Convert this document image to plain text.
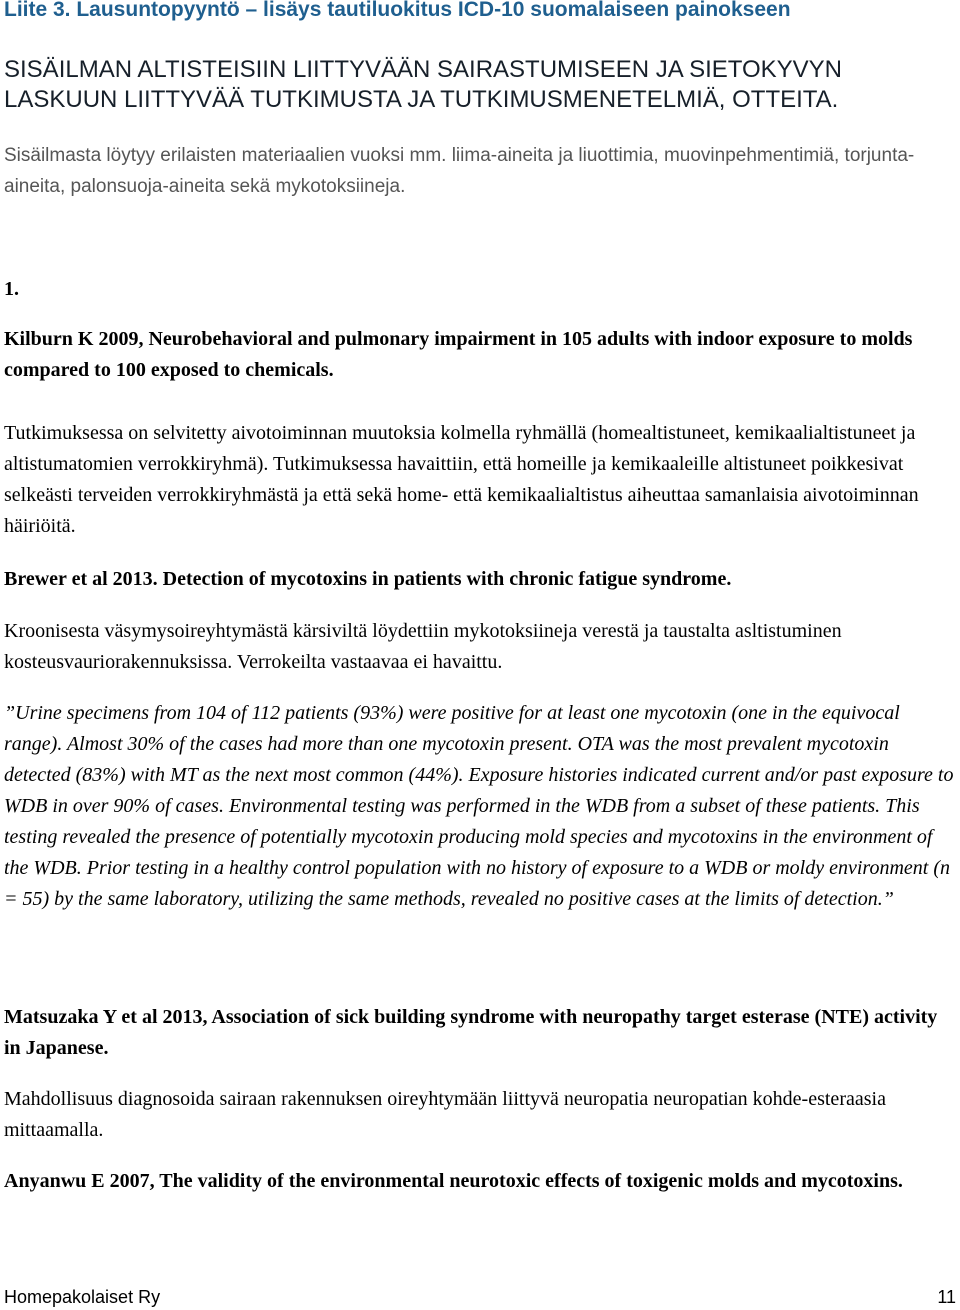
Liite 3. Lausuntopyyntö – lisäys tautiluokitus ICD-10 suomalaiseen painokseen
SISÄILMAN ALTISTEISIIN LIITTYVÄÄN SAIRASTUMISEEN JA SIETOKYVYN LASKUUN LIITTYVÄÄ TUTKIMUSTA JA TUTKIMUSMENETELMIÄ, OTTEITA.
Sisäilmasta löytyy erilaisten materiaalien vuoksi mm. liima-aineita ja liuottimia, muovinpehmentimiä, torjunta-aineita, palonsuoja-aineita sekä mykotoksiineja.
1.
Kilburn K 2009, Neurobehavioral and pulmonary impairment in 105 adults with indoor exposure to molds compared to 100 exposed to chemicals.
Tutkimuksessa on selvitetty aivotoiminnan muutoksia kolmella ryhmällä (homealtistuneet, kemikaalialtistuneet ja altistumatomien verrokkiryhmä). Tutkimuksessa havaittiin, että homeille ja kemikaaleille altistuneet poikkesivat selkeästi terveiden verrokkiryhmästä ja että sekä home- että kemikaalialtistus aiheuttaa samanlaisia aivotoiminnan häiriöitä.
Brewer et al 2013. Detection of mycotoxins in patients with chronic fatigue syndrome.
Kroonisesta väsymysoireyhtymästä kärsiviltä löydettiin mykotoksiineja verestä ja taustalta asltistuminen kosteusvauriorakennuksissa. Verrokeilta vastaavaa ei havaittu.
”Urine specimens from 104 of 112 patients (93%) were positive for at least one mycotoxin (one in the equivocal range). Almost 30% of the cases had more than one mycotoxin present. OTA was the most prevalent mycotoxin detected (83%) with MT as the next most common (44%). Exposure histories indicated current and/or past exposure to WDB in over 90% of cases. Environmental testing was performed in the WDB from a subset of these patients. This testing revealed the presence of potentially mycotoxin producing mold species and mycotoxins in the environment of the WDB. Prior testing in a healthy control population with no history of exposure to a WDB or moldy environment (n = 55) by the same laboratory, utilizing the same methods, revealed no positive cases at the limits of detection.”
Matsuzaka Y et al 2013, Association of sick building syndrome with neuropathy target esterase (NTE) activity in Japanese.
Mahdollisuus diagnosoida sairaan rakennuksen oireyhtymään liittyvä neuropatia neuropatian kohde-esteraasia mittaamalla.
Anyanwu E 2007, The validity of the environmental neurotoxic effects of toxigenic molds and mycotoxins.
Homepakolaiset Ry	11
